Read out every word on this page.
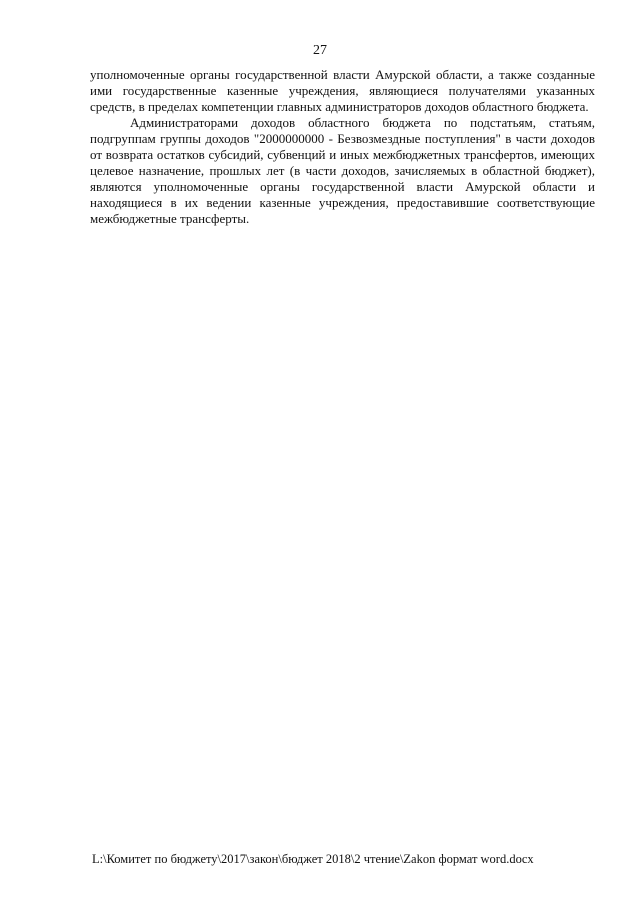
27

уполномоченные органы государственной власти Амурской области, а также созданные ими государственные казенные учреждения, являющиеся получателями указанных средств, в пределах компетенции главных администраторов доходов областного бюджета.

Администраторами доходов областного бюджета по подстатьям, статьям, подгруппам группы доходов "2000000000 - Безвозмездные поступления" в части доходов от возврата остатков субсидий, субвенций и иных межбюджетных трансфертов, имеющих целевое назначение, прошлых лет (в части доходов, зачисляемых в областной бюджет), являются уполномоченные органы государственной власти Амурской области и находящиеся в их ведении казенные учреждения, предоставившие соответствующие межбюджетные трансферты.

L:\Комитет по бюджету\2017\закон\бюджет 2018\2 чтение\Zakon формат word.docx
